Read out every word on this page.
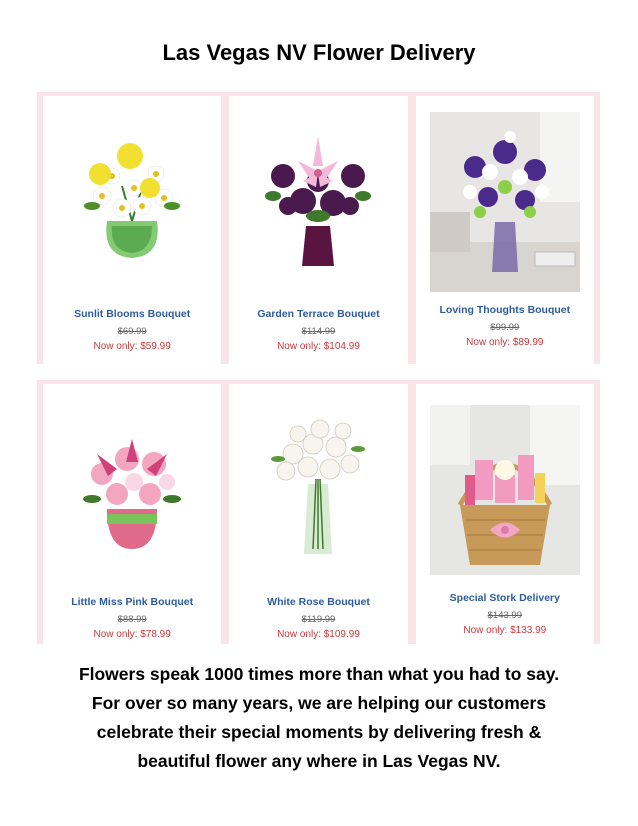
Las Vegas NV Flower Delivery
Sunlit Blooms Bouquet
$69.99
Now only: $59.99
Garden Terrace Bouquet
$114.99
Now only: $104.99
Loving Thoughts Bouquet
$99.99
Now only: $89.99
Little Miss Pink Bouquet
$88.99
Now only: $78.99
White Rose Bouquet
$119.99
Now only: $109.99
Special Stork Delivery
$143.99
Now only: $133.99
Flowers speak 1000 times more than what you had to say.
For over so many years, we are helping our customers
celebrate their special moments by delivering fresh &
beautiful flower any where in Las Vegas NV.
